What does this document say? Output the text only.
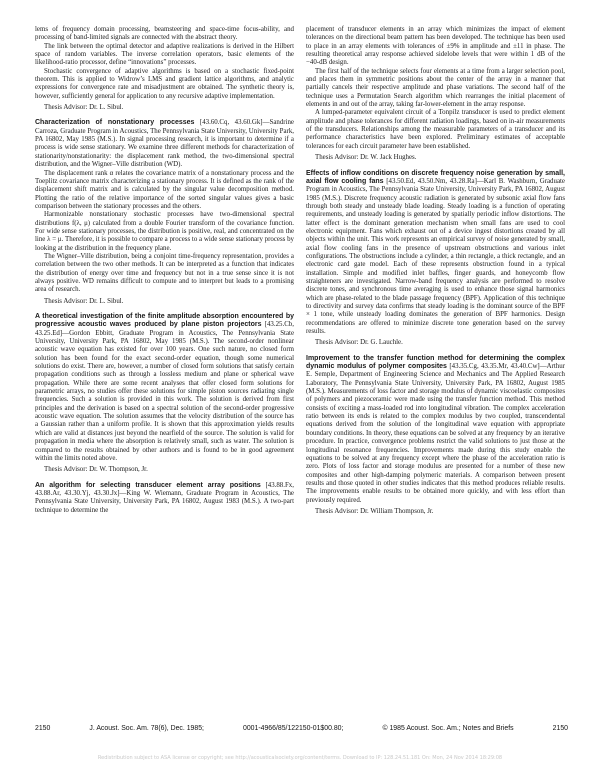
lems of frequency domain processing, beamsteering and space-time focus-ability, and processing of band-limited signals are connected with the abstract theory.

The link between the optimal detector and adaptive realizations is derived in the Hilbert space of random variables. The inverse correlation operators, basic elements of the likelihood-ratio processor, define “innovations” processes.

Stochastic convergence of adaptive algorithms is based on a stochastic fixed-point theorem. This is applied to Widrow’s LMS and gradient lattice algorithms, and analytic expressions for convergence rate and misadjustment are obtained. The synthetic theory is, however, sufficiently general for application to any recursive adaptive implementation.

Thesis Advisor: Dr. L. Sibul.

Characterization of nonstationary processes [43.60.Cq, 43.60.Gk]—Sandrine Carroza, Graduate Program in Acoustics, The Pennsylvania State University, University Park, PA 16802, May 1985 (M.S.). In signal processing research, it is important to determine if a process is wide sense stationary. We examine three different methods for characterization of stationarity/nonstationarity: the displacement rank method, the two-dimensional spectral distribution, and the Wigner–Ville distribution (WD).

The displacement rank α relates the covariance matrix of a nonstationary process and the Toeplitz covariance matrix characterizing a stationary process. It is defined as the rank of the displacement shift matrix and is calculated by the singular value decomposition method. Plotting the ratio of the relative importance of the sorted singular values gives a basic comparison between the stationary processes and the others.

Harmonizable nonstationary stochastic processes have two-dimensional spectral distributions f(λ, μ) calculated from a double Fourier transform of the covariance function. For wide sense stationary processes, the distribution is positive, real, and concentrated on the line λ = μ. Therefore, it is possible to compare a process to a wide sense stationary process by looking at the distribution in the frequency plane.

The Wigner–Ville distribution, being a conjoint time-frequency representation, provides a correlation between the two other methods. It can be interpreted as a function that indicates the distribution of energy over time and frequency but not in a true sense since it is not always positive. WD remains difficult to compute and to interpret but leads to a promising area of research.

Thesis Advisor: Dr. L. Sibul.

A theoretical investigation of the finite amplitude absorption encountered by progressive acoustic waves produced by plane piston projectors [43.25.Cb, 43.25.Ed]—Gordon Ebbitt, Graduate Program in Acoustics, The Pennsylvania State University, University Park, PA 16802, May 1985 (M.S.). The second-order nonlinear acoustic wave equation has existed for over 100 years. One such nature, no closed form solution has been found for the exact second-order equation, though some numerical solutions do exist. There are, however, a number of closed form solutions that satisfy certain propagation conditions such as through a lossless medium and plane or spherical wave propagation. While there are some recent analyses that offer closed form solutions for parametric arrays, no studies offer these solutions for simple piston sources radiating single frequencies. Such a solution is provided in this work. The solution is derived from first principles and the derivation is based on a spectral solution of the second-order progressive acoustic wave equation. The solution assumes that the velocity distribution of the source has a Gaussian rather than a uniform profile. It is shown that this approximation yields results which are valid at distances just beyond the nearfield of the source. The solution is valid for propagation in media where the absorption is relatively small, such as water. The solution is compared to the results obtained by other authors and is found to be in good agreement within the limits noted above.

Thesis Advisor: Dr. W. Thompson, Jr.

An algorithm for selecting transducer element array positions [43.88.Fx, 43.88.Ar, 43.30.Yj, 43.30.Jx]—King W. Wiemann, Graduate Program in Acoustics, The Pennsylvania State University, University Park, PA 16802, August 1983 (M.S.). A two-part technique to determine the

placement of transducer elements in an array which minimizes the impact of element tolerances on the directional beam pattern has been developed. The technique has been used to place in an array elements with tolerances of ±9% in amplitude and ±11 in phase. The resulting theoretical array response achieved sidelobe levels that were within 1 dB of the −40-dB design.

The first half of the technique selects four elements at a time from a larger selection pool, and places them in symmetric positions about the center of the array in a manner that partially cancels their respective amplitude and phase variations. The second half of the technique uses a Permutation Search algorithm which rearranges the initial placement of elements in and out of the array, taking far-lower-element in the array response.

A lumped-parameter equivalent circuit of a Tonpilz transducer is used to predict element amplitude and phase tolerances for different radiation loadings, based on in-air measurements of the transducers. Relationships among the measurable parameters of a transducer and its performance characteristics have been explored. Preliminary estimates of acceptable tolerances for each circuit parameter have been established.

Thesis Advisor: Dr. W. Jack Hughes.

Effects of inflow conditions on discrete frequency noise generation by small, axial flow cooling fans [43.50.Ed, 43.50.Nm, 43.28.Ra]—Karl B. Washburn, Graduate Program in Acoustics, The Pennsylvania State University, University Park, PA 16802, August 1985 (M.S.). Discrete frequency acoustic radiation is generated by subsonic axial flow fans through both steady and unsteady blade loading. Steady loading is a function of operating requirements, and unsteady loading is generated by spatially periodic inflow distortions. The latter effect is the dominant generation mechanism when small fans are used to cool electronic equipment. Fans which exhaust out of a device ingest distortions created by all objects within the unit. This work represents an empirical survey of noise generated by small, axial flow cooling fans in the presence of upstream obstructions and various inlet configurations. The obstructions include a cylinder, a thin rectangle, a thick rectangle, and an electronic card gate model. Each of these represents obstruction found in a typical installation. Simple and modified inlet baffles, finger guards, and honeycomb flow straighteners are investigated. Narrow-band frequency analysis are performed to resolve discrete tones, and synchronous time averaging is used to enhance those signal harmonics which are phase-related to the blade passage frequency (BPF). Application of this technique to directivity and survey data confirms that steady loading is the dominant source of the BPF × 1 tone, while unsteady loading dominates the generation of BPF harmonics. Design recommendations are offered to minimize discrete tone generation based on the survey results.

Thesis Advisor: Dr. G. Lauchle.

Improvement to the transfer function method for determining the complex dynamic modulus of polymer composites [43.35.Cg, 43.35.Mr, 43.40.Cw]—Arthur E. Semple, Department of Engineering Science and Mechanics and The Applied Research Laboratory, The Pennsylvania State University, University Park, PA 16802, August 1985 (M.S.). Measurements of loss factor and storage modulus of dynamic viscoelastic composites of polymers and piezoceramic were made using the transfer function method. This method consists of exciting a mass-loaded rod into longitudinal vibration. The complex acceleration ratio between its ends is related to the complex modulus by two coupled, transcendental equations derived from the solution of the longitudinal wave equation with appropriate boundary conditions. In theory, these equations can be solved at any frequency by an iterative procedure. In practice, convergence problems restrict the valid solutions to just those at the longitudinal resonance frequencies. Improvements made during this study enable the equations to be solved at any frequency except where the phase of the acceleration ratio is zero. Plots of loss factor and storage modulus are presented for a number of these new composites and other high-damping polymeric materials. A comparison between present results and those quoted in other studies indicates that this method produces reliable results. The improvements enable results to be obtained more quickly, and with less effort than previously required.

Thesis Advisor: Dr. William Thompson, Jr.

2150	J. Acoust. Soc. Am. 78(6), Dec. 1985;	0001-4966/85/122150-01$00.80;	© 1985 Acoust. Soc. Am.; Notes and Briefs	2150
Redistribution subject to ASA license or copyright; see http://acousticalsociety.org/content/terms. Download to IP: 128.24.51.181 On: Mon, 24 Nov 2014 18:29:08
